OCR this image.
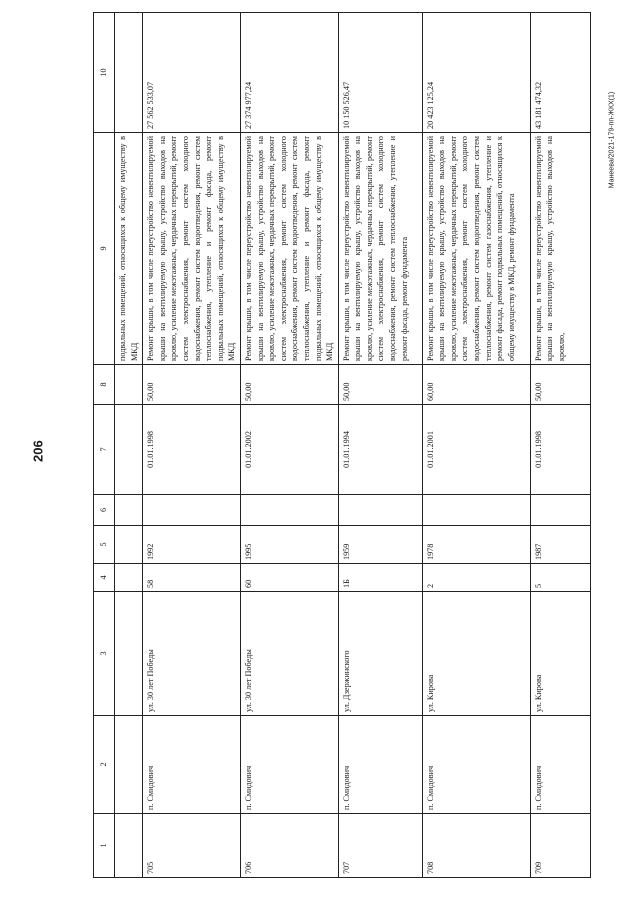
206
Манеева/2021-179-пп-ЖКХ(1)
1	2	3	4	5	6	7	8	9	10
								подвальных помещений, относящихся к общему имуществу в МКД	
705	п. Смидович	ул. 30 лет Победы	58	1992		01.01.1998	50,00	Ремонт крыши, в том числе переустройство невентилируемой крыши на вентилируемую крышу, устройство выходов на кровлю, усиление межэтажных, чердачных перекрытий, ремонт систем электроснабжения, ремонт систем холодного водоснабжения, ремонт систем водоотведения, ремонт систем теплоснабжения, утепление и ремонт фасада, ремонт подвальных помещений, относящихся к общему имуществу в МКД	27 562 533,07
706	п. Смидович	ул. 30 лет Победы	60	1995		01.01.2002	50,00	Ремонт крыши, в том числе переустройство невентилируемой крыши на вентилируемую крышу, устройство выходов на кровлю, усиление межэтажных, чердачных перекрытий, ремонт систем электроснабжения, ремонт систем холодного водоснабжения, ремонт систем водоотведения, ремонт систем теплоснабжения, утепление и ремонт фасада, ремонт подвальных помещений, относящихся к общему имуществу в МКД	27 374 977,24
707	п. Смидович	ул. Дзержинского	1Б	1959		01.01.1994	50,00	Ремонт крыши, в том числе переустройство невентилируемой крыши на вентилируемую крышу, устройство выходов на кровлю, усиление межэтажных, чердачных перекрытий, ремонт систем электроснабжения, ремонт систем холодного водоснабжения, ремонт систем теплоснабжения, утепление и ремонт фасада, ремонт фундамента	10 150 526,47
708	п. Смидович	ул. Кирова	2	1978		01.01.2001	60,00	Ремонт крыши, в том числе переустройство невентилируемой крыши на вентилируемую крышу, устройство выходов на кровлю, усиление межэтажных, чердачных перекрытий, ремонт систем электроснабжения, ремонт систем холодного водоснабжения, ремонт систем водоотведения, ремонт систем теплоснабжения, ремонт систем газоснабжения, утепление и ремонт фасада, ремонт подвальных помещений, относящихся к общему имуществу в МКД, ремонт фундамента	20 423 125,24
709	п. Смидович	ул. Кирова	5	1987		01.01.1998	50,00	Ремонт крыши, в том числе переустройство невентилируемой крыши на вентилируемую крышу, устройство выходов на кровлю,	43 181 474,32
